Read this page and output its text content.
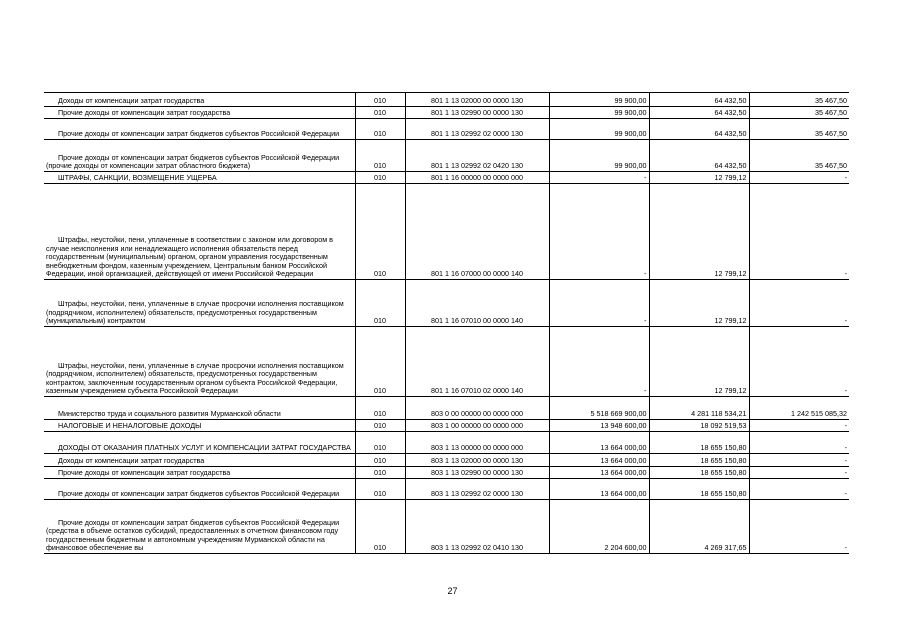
Доходы от компенсации затрат государства	010	801 1 13 02000 00 0000 130	99 900,00	64 432,50	35 467,50

Прочие доходы от компенсации затрат государства	010	801 1 13 02990 00 0000 130	99 900,00	64 432,50	35 467,50

Прочие доходы от компенсации затрат бюджетов субъектов Российской Федерации	010	801 1 13 02992 02 0000 130	99 900,00	64 432,50	35 467,50

Прочие доходы от компенсации затрат бюджетов субъектов Российской Федерации (прочие доходы от компенсации затрат областного бюджета)	010	801 1 13 02992 02 0420 130	99 900,00	64 432,50	35 467,50

ШТРАФЫ, САНКЦИИ, ВОЗМЕЩЕНИЕ УЩЕРБА	010	801 1 16 00000 00 0000 000	-	12 799,12	-

Штрафы, неустойки, пени, уплаченные в соответствии с законом или договором в случае неисполнения или ненадлежащего исполнения обязательств перед государственным (муниципальным) органом, органом управления государственным внебюджетным фондом, казенным учреждением, Центральным банком Российской Федерации, иной организацией, действующей от имени Российской Федерации	010	801 1 16 07000 00 0000 140	-	12 799,12	-

Штрафы, неустойки, пени, уплаченные в случае просрочки исполнения поставщиком (подрядчиком, исполнителем) обязательств, предусмотренных государственным (муниципальным) контрактом	010	801 1 16 07010 00 0000 140	-	12 799,12	-

Штрафы, неустойки, пени, уплаченные в случае просрочки исполнения поставщиком (подрядчиком, исполнителем) обязательств, предусмотренных государственным контрактом, заключенным государственным органом субъекта Российской Федерации, казенным учреждением субъекта Российской Федерации	010	801 1 16 07010 02 0000 140	-	12 799,12	-

Министерство труда и социального развития Мурманской области	010	803 0 00 00000 00 0000 000	5 518 669 900,00	4 281 118 534,21	1 242 515 085,32

НАЛОГОВЫЕ И НЕНАЛОГОВЫЕ ДОХОДЫ	010	803 1 00 00000 00 0000 000	13 948 600,00	18 092 519,53	-

ДОХОДЫ ОТ ОКАЗАНИЯ ПЛАТНЫХ УСЛУГ И КОМПЕНСАЦИИ ЗАТРАТ ГОСУДАРСТВА	010	803 1 13 00000 00 0000 000	13 664 000,00	18 655 150,80	-

Доходы от компенсации затрат государства	010	803 1 13 02000 00 0000 130	13 664 000,00	18 655 150,80	-

Прочие доходы от компенсации затрат государства	010	803 1 13 02990 00 0000 130	13 664 000,00	18 655 150,80	-

Прочие доходы от компенсации затрат бюджетов субъектов Российской Федерации	010	803 1 13 02992 02 0000 130	13 664 000,00	18 655 150,80	-

Прочие доходы от компенсации затрат бюджетов субъектов Российской Федерации (средства в объеме остатков субсидий, предоставленных в отчетном финансовом году государственным бюджетным и автономным учреждениям Мурманской области на финансовое обеспечение вы	010	803 1 13 02992 02 0410 130	2 204 600,00	4 269 317,65	-
27
